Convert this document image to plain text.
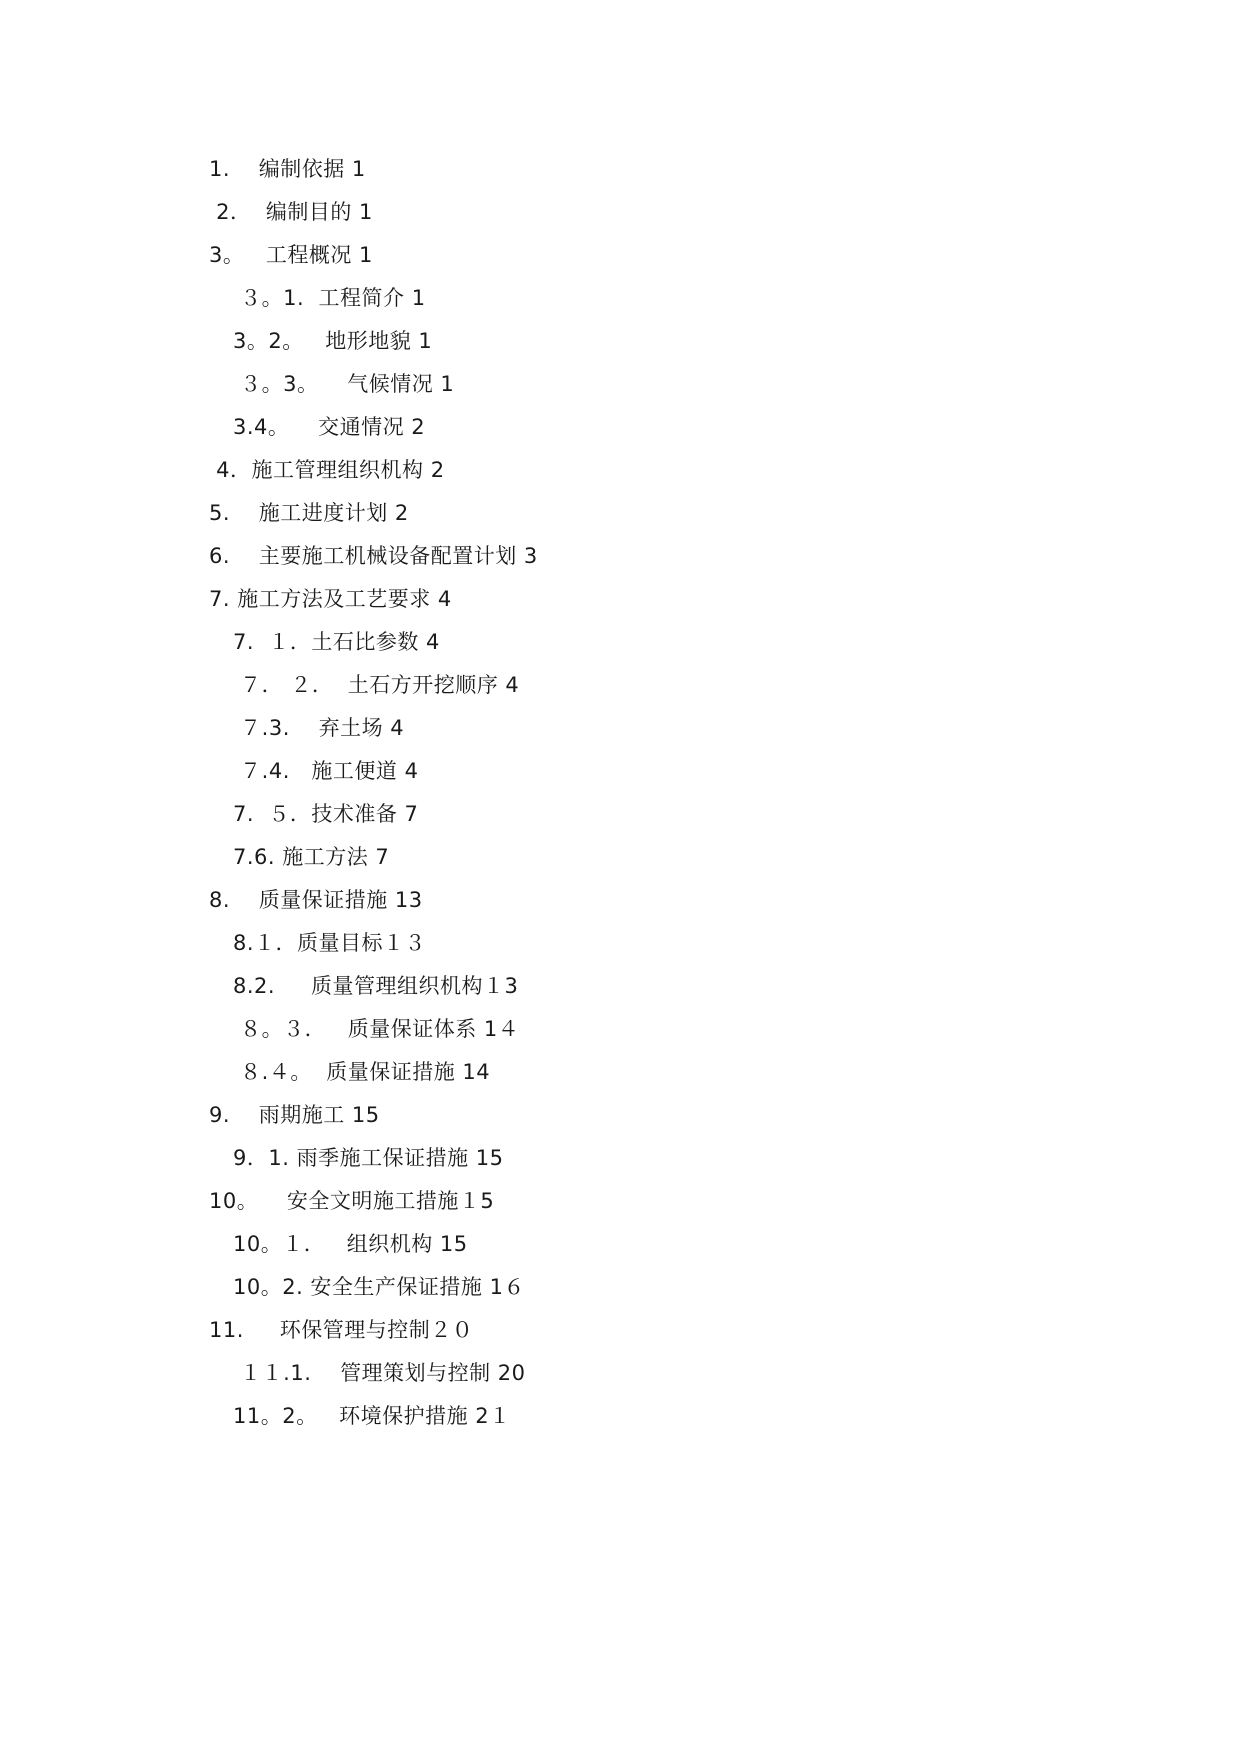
1.    编制依据 1
2．  编制目的 1
3。   工程概况 1
３。1.  工程简介 1
3。2。   地形地貌 1
３。3。    气候情况 1
3.4。    交通情况 2
4．施工管理组织机构 2
5.    施工进度计划 2
6.    主要施工机械设备配置计划 3
7. 施工方法及工艺要求 4
7.  １．土石比参数 4
７． ２．  土石方开挖顺序 4
７.3.    弃土场 4
７.4.   施工便道 4
7.  ５．技术准备 7
7.6. 施工方法 7
8.    质量保证措施 13
8.１．质量目标１３
8.2.     质量管理组织机构１3
８。３．   质量保证体系 1４
８.４。  质量保证措施 14
9.    雨期施工 15
9．1. 雨季施工保证措施 15
10。    安全文明施工措施１5
10。１．   组织机构 15
10。2. 安全生产保证措施 1６
11.     环保管理与控制２０
１１.1.    管理策划与控制 20
11。2。   环境保护措施 2１
